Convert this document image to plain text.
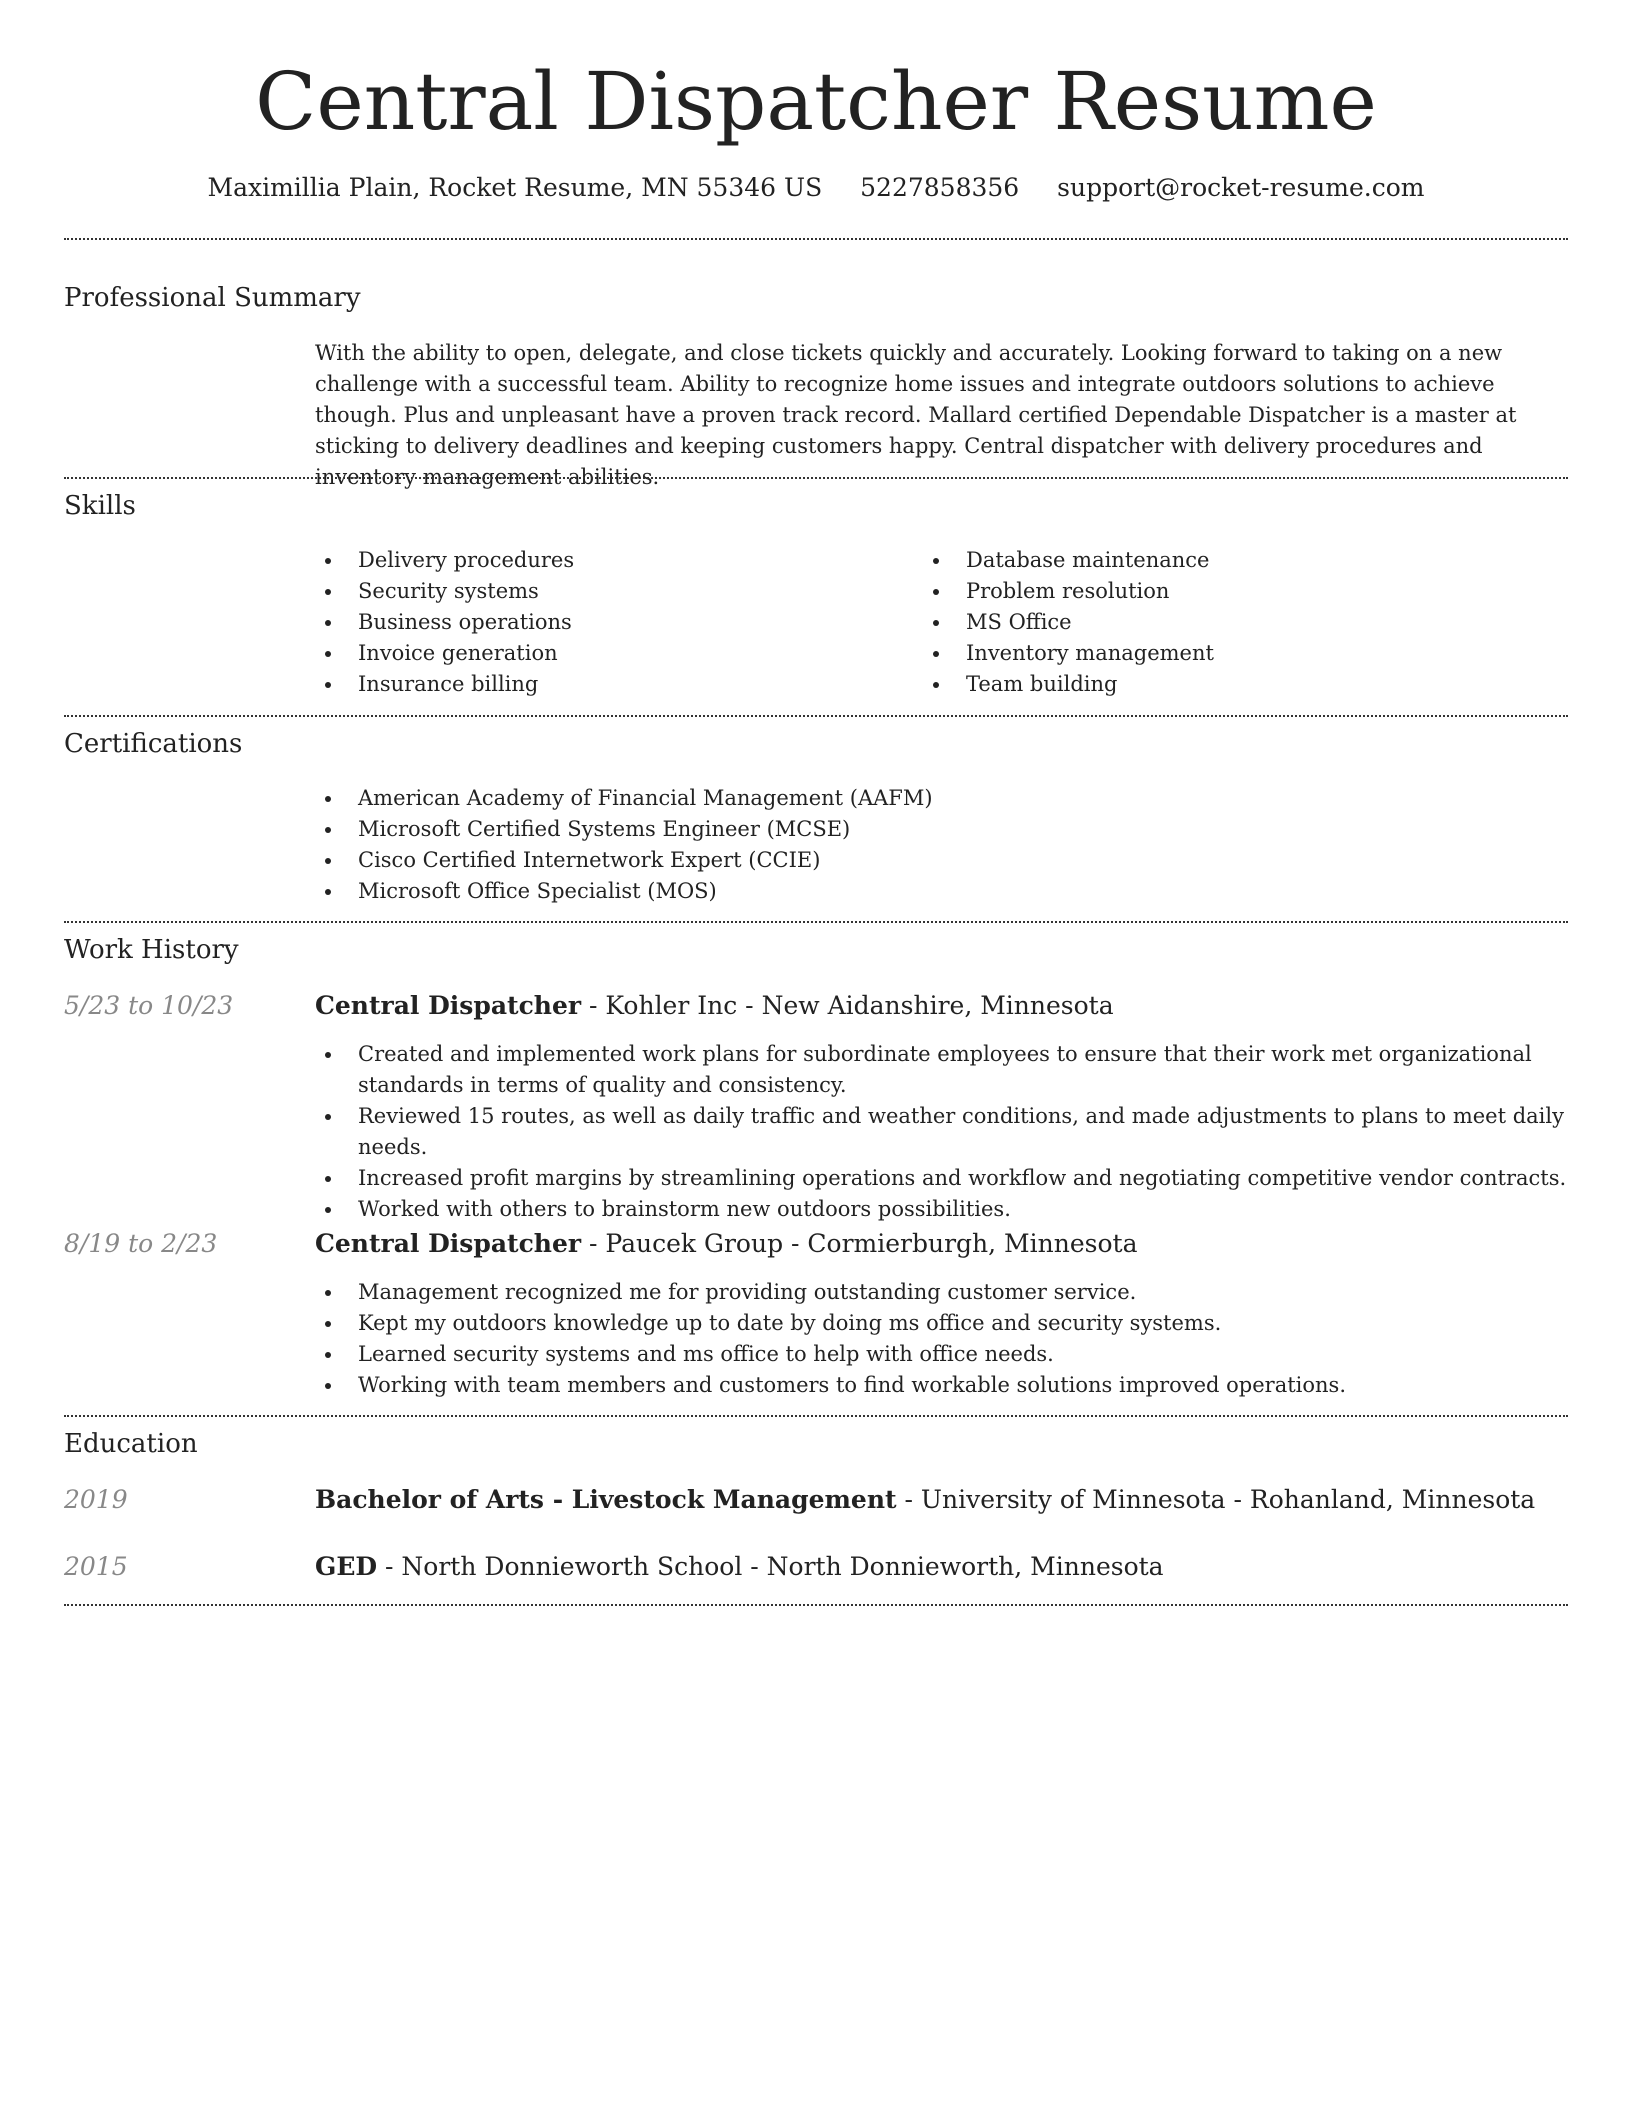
Central Dispatcher Resume
Maximillia Plain, Rocket Resume, MN 55346 US 5227858356 support@rocket-resume.com
Professional Summary

With the ability to open, delegate, and close tickets quickly and accurately. Looking forward to taking on a new challenge with a successful team. Ability to recognize home issues and integrate outdoors solutions to achieve though. Plus and unpleasant have a proven track record. Mallard certified Dependable Dispatcher is a master at sticking to delivery deadlines and keeping customers happy. Central dispatcher with delivery procedures and inventory management abilities.

Skills
• Delivery procedures
• Security systems
• Business operations
• Invoice generation
• Insurance billing
• Database maintenance
• Problem resolution
• MS Office
• Inventory management
• Team building
Certifications
• American Academy of Financial Management (AAFM)
• Microsoft Certified Systems Engineer (MCSE)
• Cisco Certified Internetwork Expert (CCIE)
• Microsoft Office Specialist (MOS)
Work History
5/23 to 10/23	Central Dispatcher - Kohler Inc - New Aidanshire, Minnesota
• Created and implemented work plans for subordinate employees to ensure that their work met organizational standards in terms of quality and consistency.
• Reviewed 15 routes, as well as daily traffic and weather conditions, and made adjustments to plans to meet daily needs.
• Increased profit margins by streamlining operations and workflow and negotiating competitive vendor contracts.
• Worked with others to brainstorm new outdoors possibilities.
8/19 to 2/23	Central Dispatcher - Paucek Group - Cormierburgh, Minnesota
• Management recognized me for providing outstanding customer service.
• Kept my outdoors knowledge up to date by doing ms office and security systems.
• Learned security systems and ms office to help with office needs.
• Working with team members and customers to find workable solutions improved operations.
Education
2019	Bachelor of Arts - Livestock Management - University of Minnesota - Rohanland, Minnesota
2015	GED - North Donnieworth School - North Donnieworth, Minnesota
